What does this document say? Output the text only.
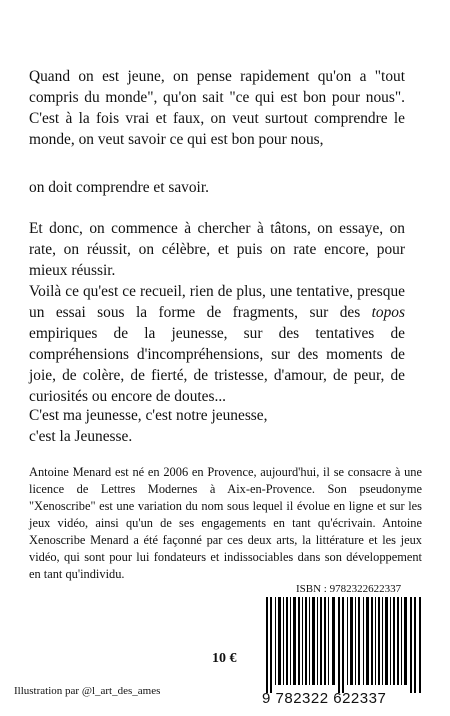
Quand on est jeune, on pense rapidement qu'on a "tout compris du monde", qu'on sait "ce qui est bon pour nous". C'est à la fois vrai et faux, on veut surtout comprendre le monde, on veut savoir ce qui est bon pour nous,

on doit comprendre et savoir.

Et donc, on commence à chercher à tâtons, on essaye, on rate, on réussit, on célèbre, et puis on rate encore, pour mieux réussir.

Voilà ce qu'est ce recueil, rien de plus, une tentative, presque un essai sous la forme de fragments, sur des topos empiriques de la jeunesse, sur des tentatives de compréhensions d'incompréhensions, sur des moments de joie, de colère, de fierté, de tristesse, d'amour, de peur, de curiosités ou encore de doutes...

C'est ma jeunesse, c'est notre jeunesse,
c'est la Jeunesse.

Antoine Menard est né en 2006 en Provence, aujourd'hui, il se consacre à une licence de Lettres Modernes à Aix-en-Provence. Son pseudonyme "Xenoscribe" est une variation du nom sous lequel il évolue en ligne et sur les jeux vidéo, ainsi qu'un de ses engagements en tant qu'écrivain. Antoine Xenoscribe Menard a été façonné par ces deux arts, la littérature et les jeux vidéo, qui sont pour lui fondateurs et indissociables dans son développement en tant qu'individu.

ISBN : 9782322622337
9 782322 622337
10 €
Illustration par @l_art_des_ames
